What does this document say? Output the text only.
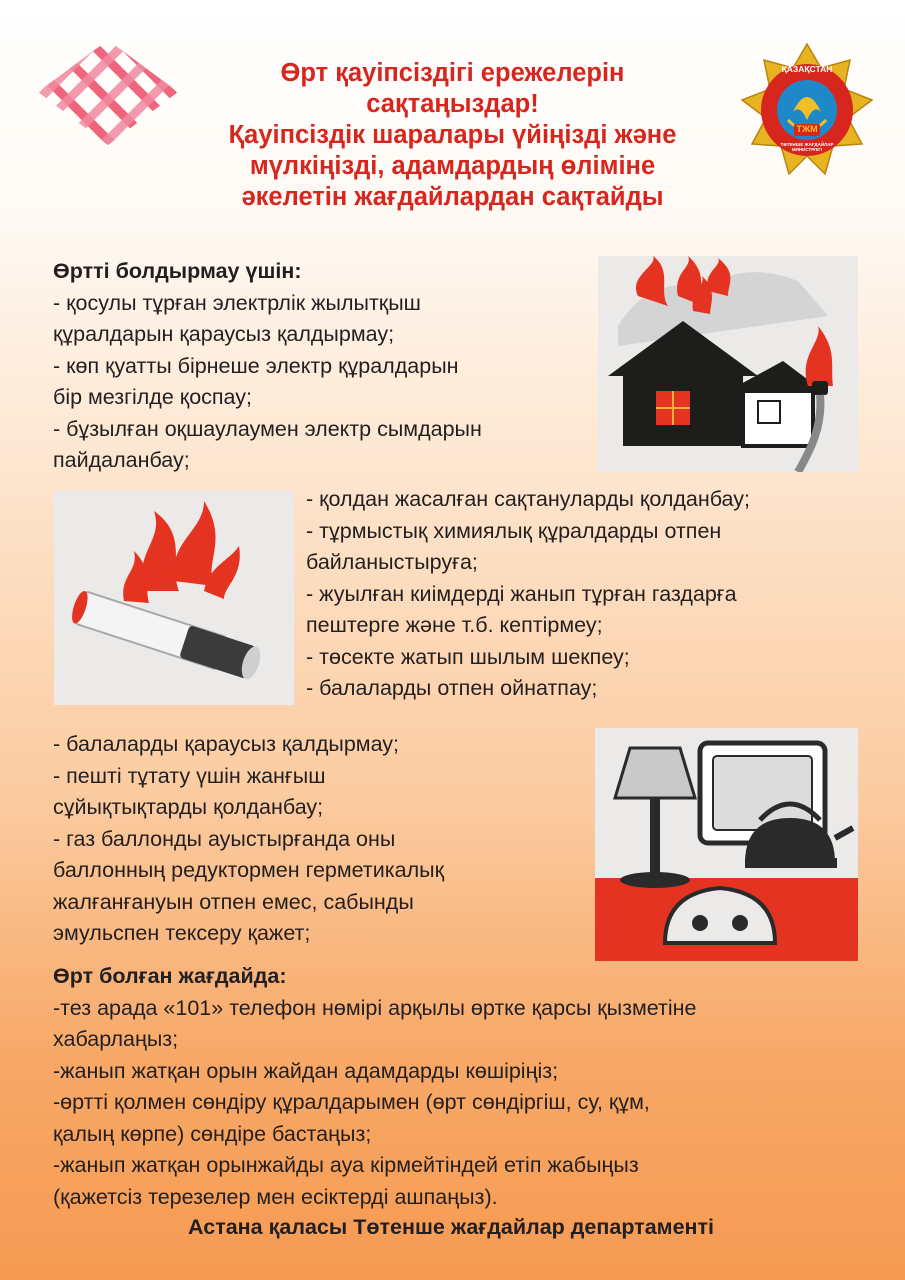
Өрт қауіпсіздігі ережелерін
сақтаңыздар!
Қауіпсіздік шаралары үйіңізді және
мүлкіңізді, адамдардың өліміне
әкелетін жағдайлардан сақтайды
ҚАЗАҚСТАН
ТЖМ
ТӨТЕНШЕ ЖАҒДАЙЛАР МИНИСТРЛІГІ
Өртті болдырмау үшін:
- қосулы тұрған электрлік жылытқыш
құралдарын қараусыз қалдырмау;
- көп қуатты бірнеше электр құралдарын
бір мезгілде қоспау;
- бұзылған оқшаулаумен электр сымдарын
пайдаланбау;
- қолдан жасалған сақтануларды қолданбау;
- тұрмыстық химиялық құралдарды отпен
байланыстыруға;
- жуылған киімдерді жанып тұрған газдарға
пештерге және т.б. кептірмеу;
- төсекте жатып шылым шекпеу;
- балаларды отпен ойнатпау;
- балаларды қараусыз қалдырмау;
- пешті тұтату үшін жанғыш
сұйықтықтарды қолданбау;
- газ баллонды ауыстырғанда оны
баллонның редуктормен герметикалық
жалғанғануын отпен емес, сабынды
эмульспен тексеру қажет;
Өрт болған жағдайда:
-тез арада «101» телефон нөмірі арқылы өртке қарсы қызметіне
хабарлаңыз;
-жанып жатқан орын жайдан адамдарды көшіріңіз;
-өртті қолмен сөндіру құралдарымен (өрт сөндіргіш, су, құм,
қалың көрпе) сөндіре бастаңыз;
-жанып жатқан орынжайды ауа кірмейтіндей етіп жабыңыз
(қажетсіз терезелер мен есіктерді ашпаңыз).
Астана қаласы Төтенше жағдайлар департаменті
